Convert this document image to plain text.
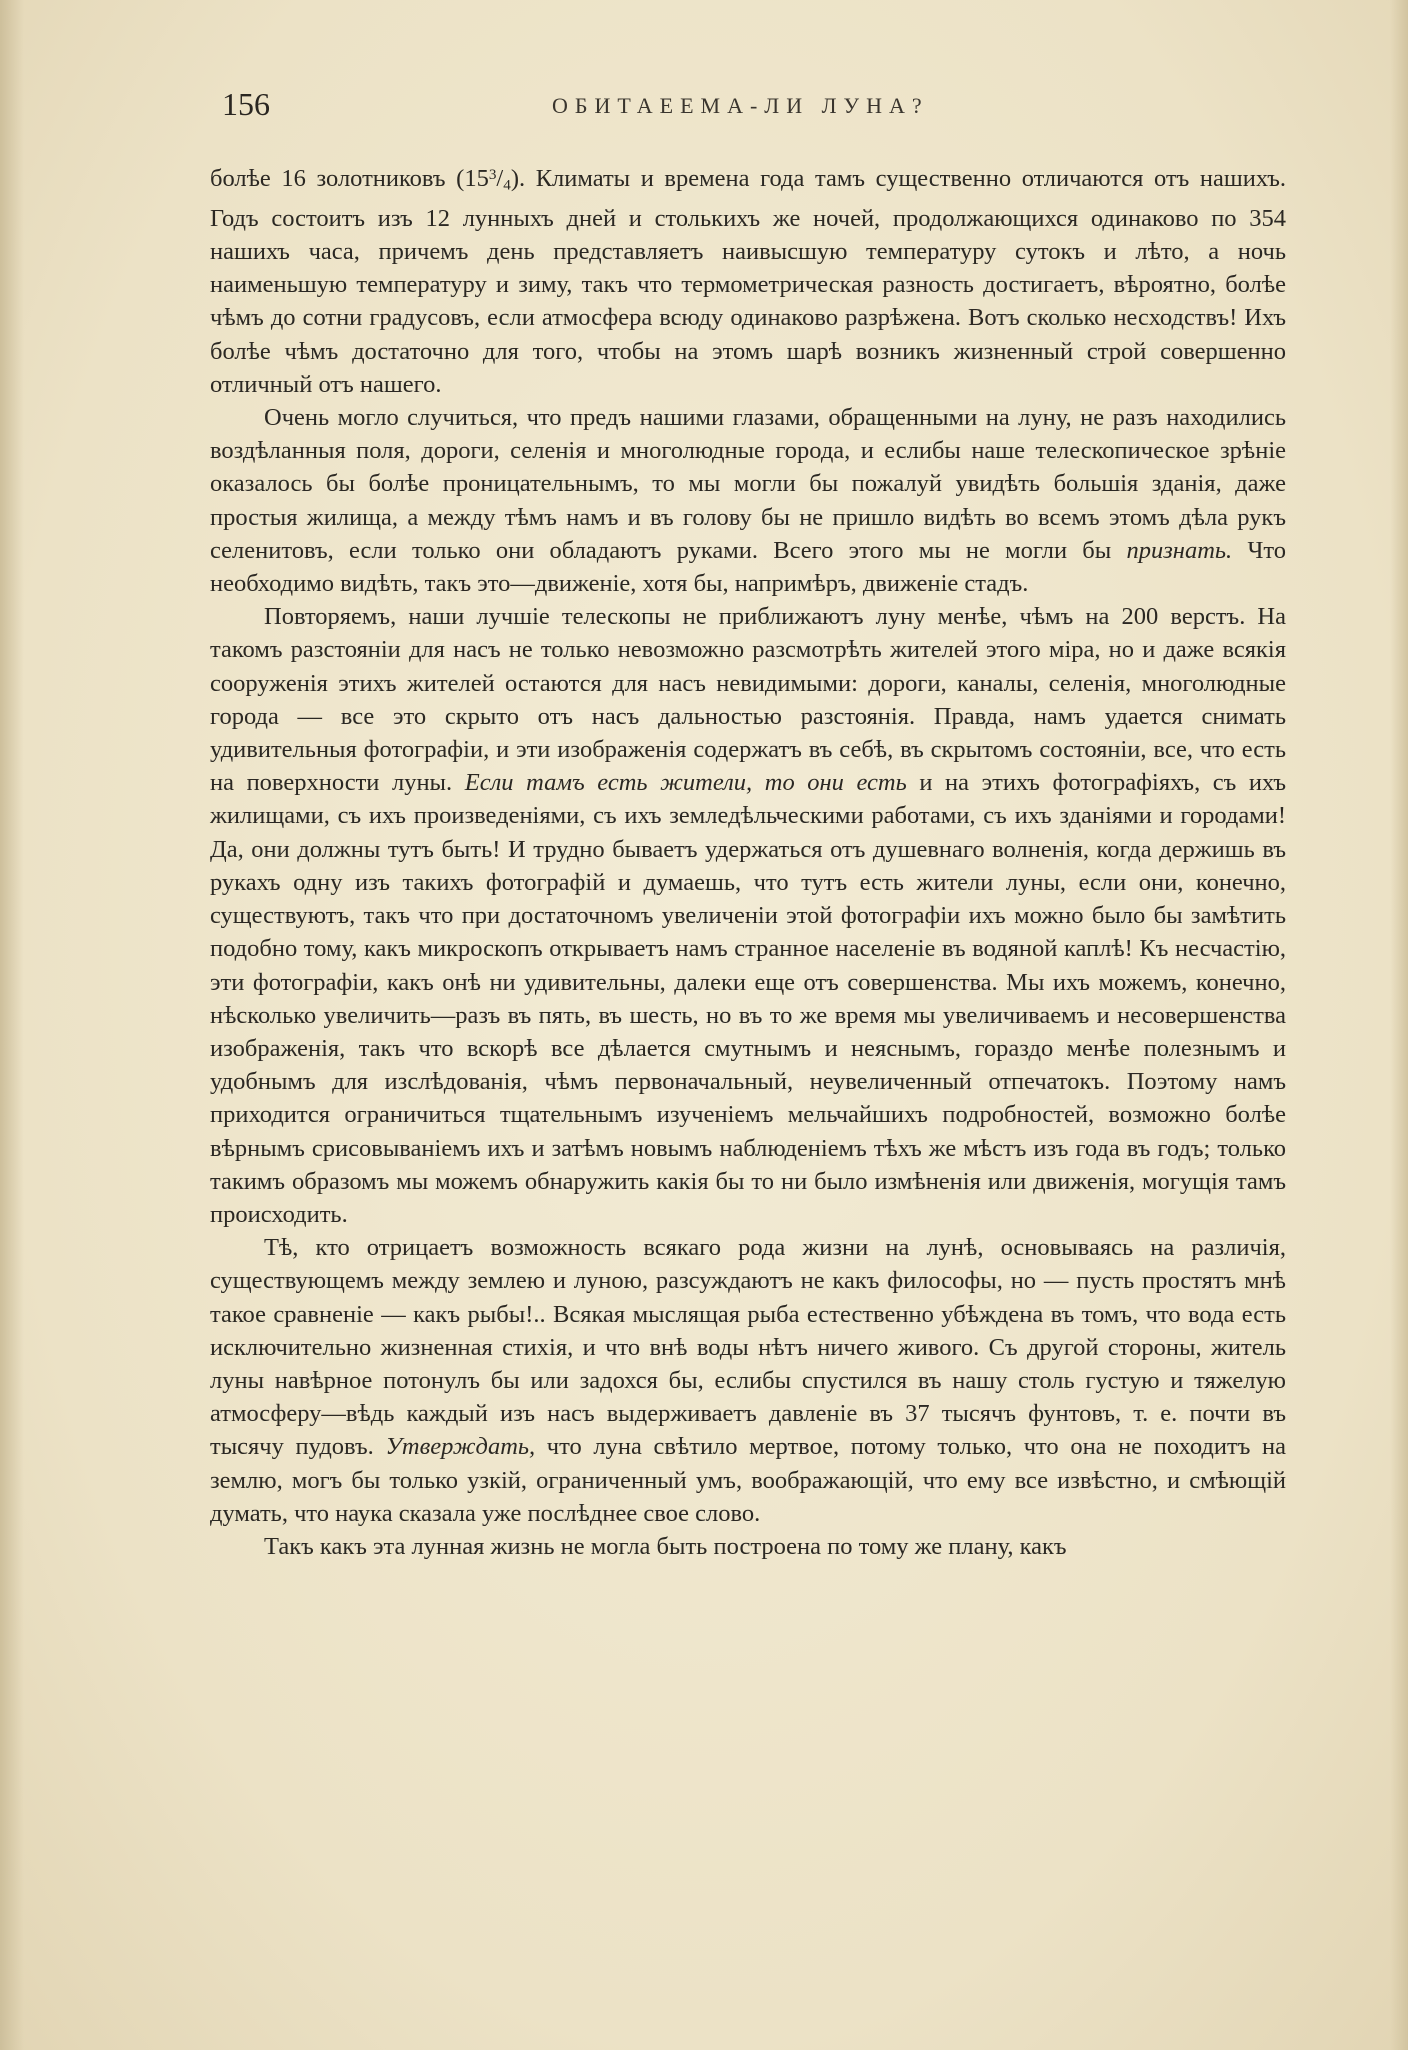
156	ОБИТАЕЕМА-ЛИ ЛУНА?

болѣе 16 золотниковъ $(15^3/_4)$. Климаты и времена года тамъ существенно отличаются отъ нашихъ. Годъ состоитъ изъ 12 лунныхъ дней и столькихъ же ночей, продолжающихся одинаково по 354 нашихъ часа, причемъ день представляетъ наивысшую температуру сутокъ и лѣто, а ночь наименьшую температуру и зиму, такъ что термометрическая разность достигаетъ, вѣроятно, болѣе чѣмъ до сотни градусовъ, если атмосфера всюду одинаково разрѣжена. Вотъ сколько несходствъ! Ихъ болѣе чѣмъ достаточно для того, чтобы на этомъ шарѣ возникъ жизненный строй совершенно отличный отъ нашего.

Очень могло случиться, что предъ нашими глазами, обращенными на луну, не разъ находились воздѣланныя поля, дороги, селенія и многолюдные города, и еслибы наше телескопическое зрѣніе оказалось бы болѣе проницательнымъ, то мы могли бы пожалуй увидѣть большія зданія, даже простыя жилища, а между тѣмъ намъ и въ голову бы не пришло видѣть во всемъ этомъ дѣла рукъ селенитовъ, если только они обладаютъ руками. Всего этого мы не могли бы признать. Что необходимо видѣть, такъ это—движеніе, хотя бы, напримѣръ, движеніе стадъ.

Повторяемъ, наши лучшіе телескопы не приближаютъ луну менѣе, чѣмъ на 200 верстъ. На такомъ разстояніи для насъ не только невозможно разсмотрѣть жителей этого міра, но и даже всякія сооруженія этихъ жителей остаются для насъ невидимыми: дороги, каналы, селенія, многолюдные города — все это скрыто отъ насъ дальностью разстоянія. Правда, намъ удается снимать удивительныя фотографіи, и эти изображенія содержатъ въ себѣ, въ скрытомъ состояніи, все, что есть на поверхности луны. Если тамъ есть жители, то они есть и на этихъ фотографіяхъ, съ ихъ жилищами, съ ихъ произведеніями, съ ихъ земледѣльческими работами, съ ихъ зданіями и городами! Да, они должны тутъ быть! И трудно бываетъ удержаться отъ душевнаго волненія, когда держишь въ рукахъ одну изъ такихъ фотографій и думаешь, что тутъ есть жители луны, если они, конечно, существуютъ, такъ что при достаточномъ увеличеніи этой фотографіи ихъ можно было бы замѣтить подобно тому, какъ микроскопъ открываетъ намъ странное населеніе въ водяной каплѣ! Къ несчастію, эти фотографіи, какъ онѣ ни удивительны, далеки еще отъ совершенства. Мы ихъ можемъ, конечно, нѣсколько увеличить—разъ въ пять, въ шесть, но въ то же время мы увеличиваемъ и несовершенства изображенія, такъ что вскорѣ все дѣлается смутнымъ и неяснымъ, гораздо менѣе полезнымъ и удобнымъ для изслѣдованія, чѣмъ первоначальный, неувеличенный отпечатокъ. Поэтому намъ приходится ограничиться тщательнымъ изученіемъ мельчайшихъ подробностей, возможно болѣе вѣрнымъ срисовываніемъ ихъ и затѣмъ новымъ наблюденіемъ тѣхъ же мѣстъ изъ года въ годъ; только такимъ образомъ мы можемъ обнаружить какія бы то ни было измѣненія или движенія, могущія тамъ происходить.

Тѣ, кто отрицаетъ возможность всякаго рода жизни на лунѣ, основываясь на различія, существующемъ между землею и луною, разсуждаютъ не какъ философы, но — пусть простятъ мнѣ такое сравненіе — какъ рыбы!.. Всякая мыслящая рыба естественно убѣждена въ томъ, что вода есть исключительно жизненная стихія, и что внѣ воды нѣтъ ничего живого. Съ другой стороны, житель луны навѣрное потонулъ бы или задохся бы, еслибы спустился въ нашу столь густую и тяжелую атмосферу—вѣдь каждый изъ насъ выдерживаетъ давленіе въ 37 тысячъ фунтовъ, т. е. почти въ тысячу пудовъ. Утверждать, что луна свѣтило мертвое, потому только, что она не походитъ на землю, могъ бы только узкій, ограниченный умъ, воображающій, что ему все извѣстно, и смѣющій думать, что наука сказала уже послѣднее свое слово.

Такъ какъ эта лунная жизнь не могла быть построена по тому же плану, какъ
